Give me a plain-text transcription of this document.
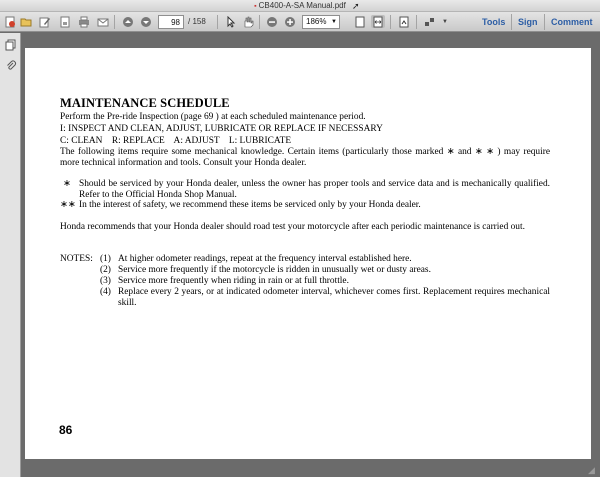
▪ CB400-A-SA Manual.pdf ➚
98
/ 158	186% ▼	▼	Tools Sign Comment
MAINTENANCE SCHEDULE
Perform the Pre-ride Inspection (page 69 ) at each scheduled maintenance period.
I: INSPECT AND CLEAN, ADJUST, LUBRICATE OR REPLACE IF NECESSARY
C: CLEAN    R: REPLACE    A: ADJUST    L: LUBRICATE
The following items require some mechanical knowledge. Certain items (particularly those marked ∗ and ∗ ∗ ) may require more technical information and tools. Consult your Honda dealer.
∗ Should be serviced by your Honda dealer, unless the owner has proper tools and service data and is mechanically qualified. Refer to the Official Honda Shop Manual.
∗∗ In the interest of safety, we recommend these items be serviced only by your Honda dealer.
Honda recommends that your Honda dealer should road test your motorcycle after each periodic maintenance is carried out.
NOTES: (1) At higher odometer readings, repeat at the frequency interval established here.
(2) Service more frequently if the motorcycle is ridden in unusually wet or dusty areas.
(3) Service more frequently when riding in rain or at full throttle.
(4) Replace every 2 years, or at indicated odometer interval, whichever comes first. Replacement requires mechanical skill.
86
◢
